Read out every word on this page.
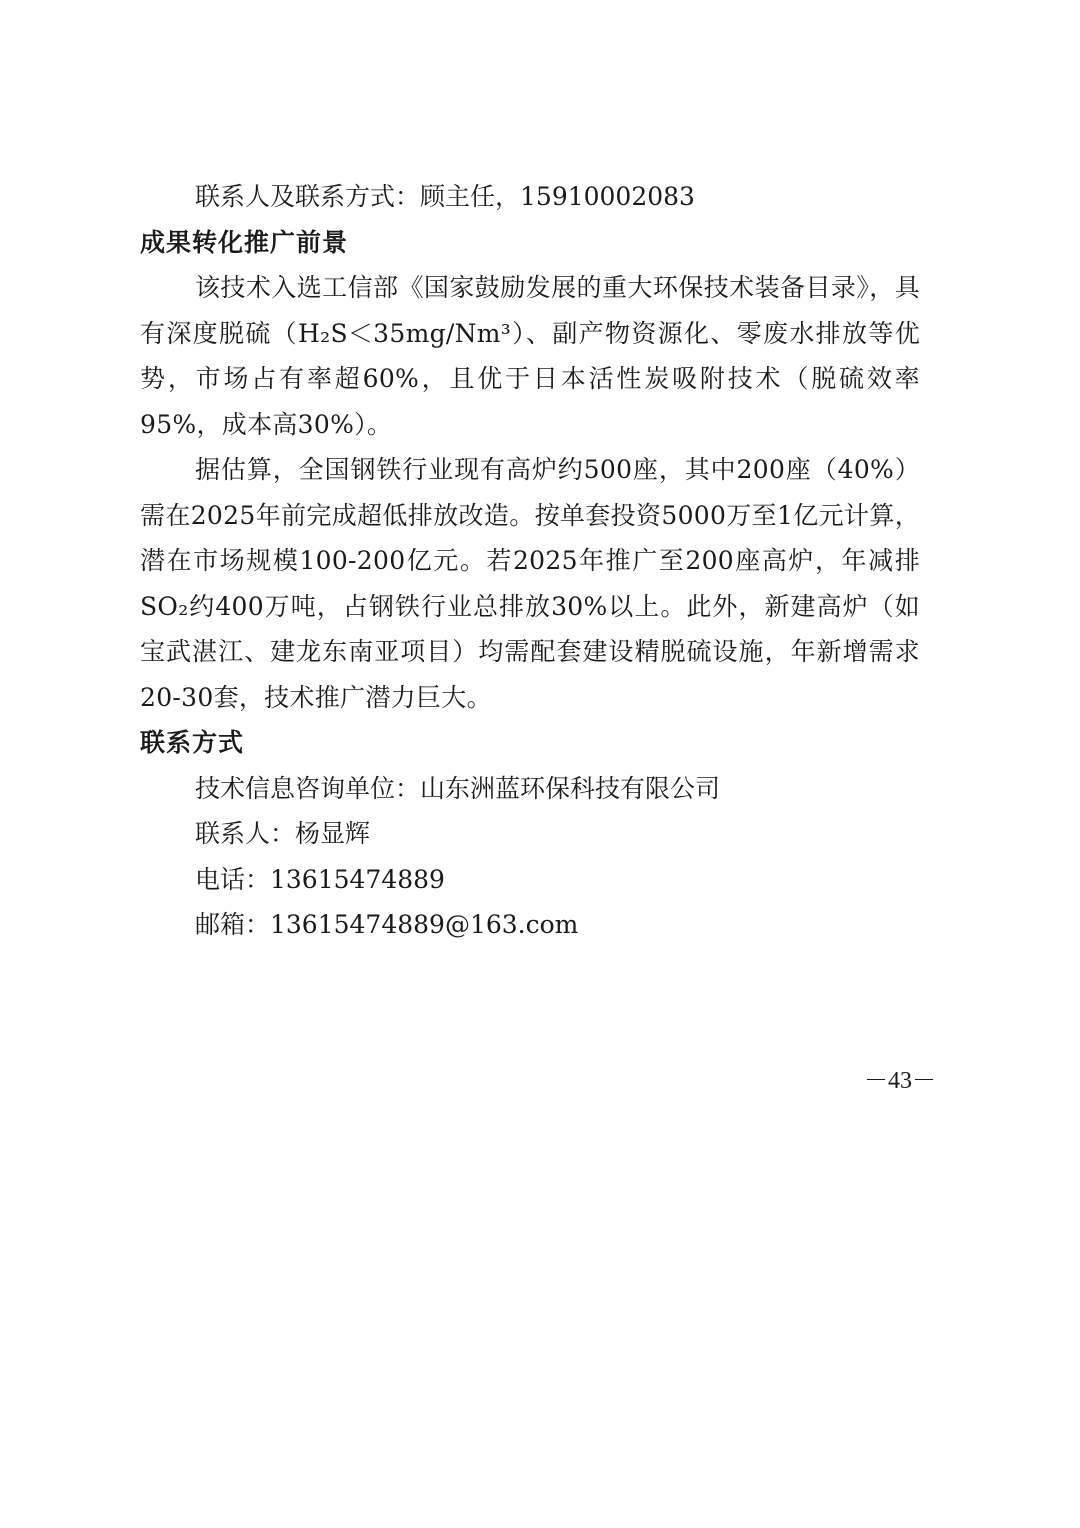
联系人及联系方式：顾主任，15910002083

成果转化推广前景

该技术入选工信部《国家鼓励发展的重大环保技术装备目录》，具有深度脱硫（H₂S＜35mg/Nm³）、副产物资源化、零废水排放等优势，市场占有率超60%，且优于日本活性炭吸附技术（脱硫效率95%，成本高30%）。

据估算，全国钢铁行业现有高炉约500座，其中200座（40%）需在2025年前完成超低排放改造。按单套投资5000万至1亿元计算，潜在市场规模100-200亿元。若2025年推广至200座高炉，年减排SO₂约400万吨，占钢铁行业总排放30%以上。此外，新建高炉（如宝武湛江、建龙东南亚项目）均需配套建设精脱硫设施，年新增需求20-30套，技术推广潜力巨大。

联系方式

技术信息咨询单位：山东洲蓝环保科技有限公司

联系人：杨显辉

电话：13615474889

邮箱：13615474889@163.com

－43－
